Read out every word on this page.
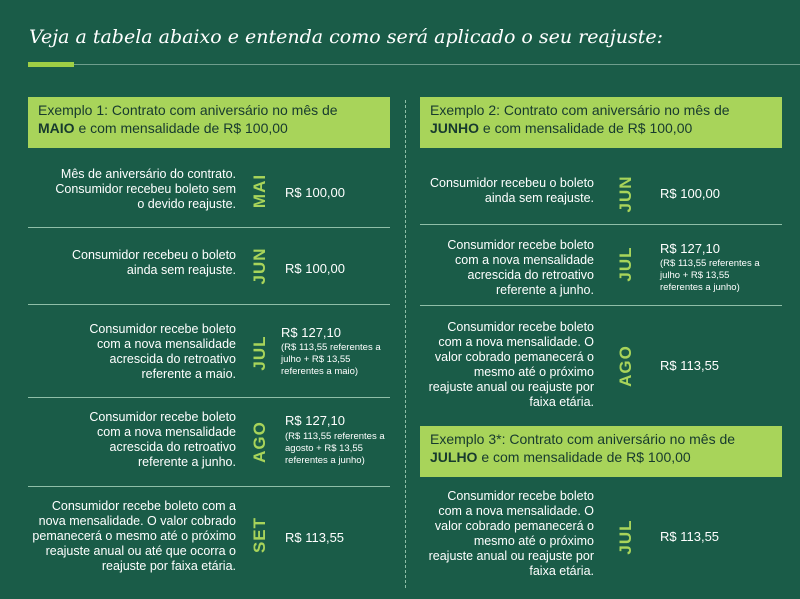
Veja a tabela abaixo e entenda como será aplicado o seu reajuste:
Exemplo 1: Contrato com aniversário no mês de
MAIO e com mensalidade de R$ 100,00
Mês de aniversário do contrato. Consumidor recebeu boleto sem o devido reajuste. MAI R$ 100,00
Consumidor recebeu o boleto ainda sem reajuste. JUN R$ 100,00
Consumidor recebe boleto com a nova mensalidade acrescida do retroativo referente a maio.
JUL
R$ 127,10
(R$ 113,55 referentes a julho + R$ 13,55 referentes a maio)
Consumidor recebe boleto com a nova mensalidade acrescida do retroativo referente a junho. AGO
R$ 127,10
(R$ 113,55 referentes a agosto + R$ 13,55 referentes a junho)
Consumidor recebe boleto com a nova mensalidade. O valor cobrado pemanecerá o mesmo até o próximo reajuste anual ou até que ocorra o reajuste por faixa etária.
SET R$ 113,55
Exemplo 2: Contrato com aniversário no mês de
JUNHO e com mensalidade de R$ 100,00
Consumidor recebeu o boleto ainda sem reajuste. JUN R$ 100,00
Consumidor recebe boleto com a nova mensalidade acrescida do retroativo referente a junho.
JUL R$ 127,10
(R$ 113,55 referentes a julho + R$ 13,55 referentes a junho)
Consumidor recebe boleto com a nova mensalidade. O valor cobrado pemanecerá o mesmo até o próximo reajuste anual ou reajuste por faixa etária.
AGO R$ 113,55
Exemplo 3*: Contrato com aniversário no mês de
JULHO e com mensalidade de R$ 100,00
Consumidor recebe boleto com a nova mensalidade. O valor cobrado pemanecerá o mesmo até o próximo reajuste anual ou reajuste por faixa etária.
JUL R$ 113,55
